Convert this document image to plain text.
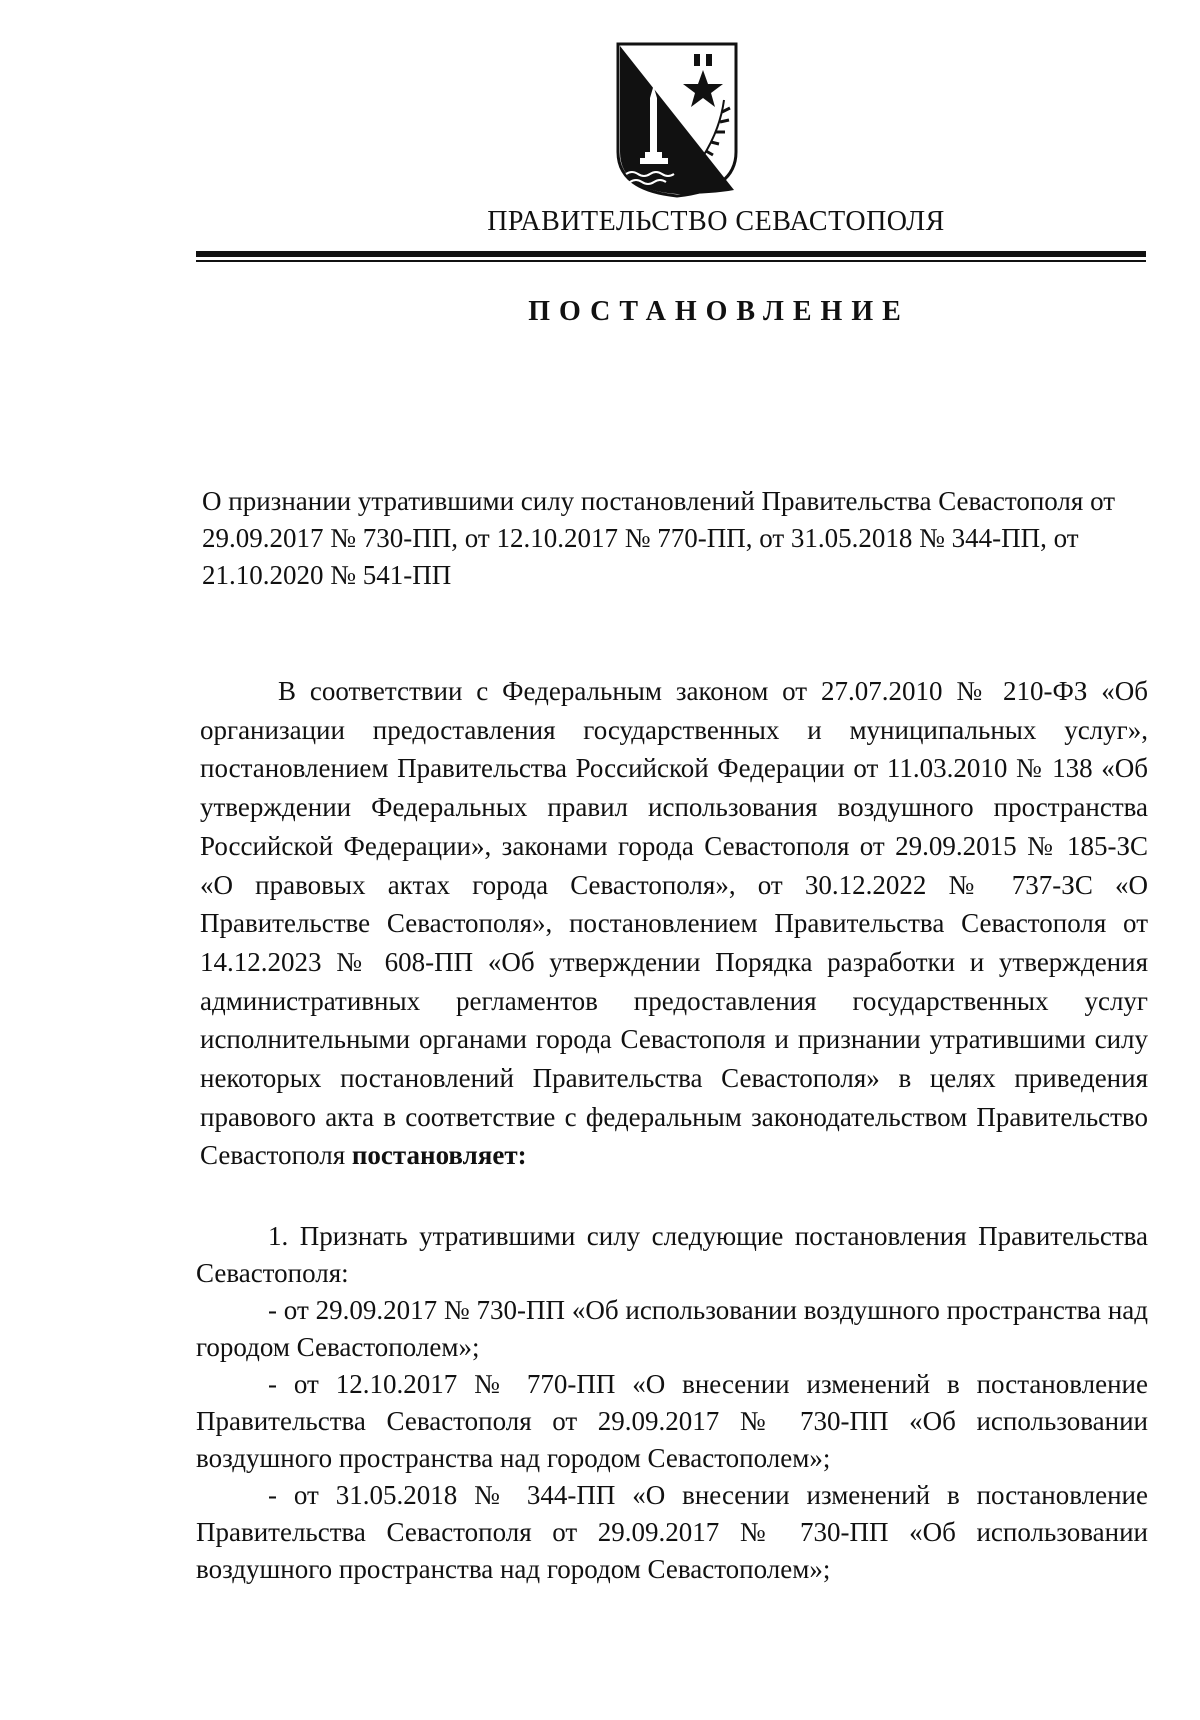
ПРАВИТЕЛЬСТВО СЕВАСТОПОЛЯ
ПОСТАНОВЛЕНИЕ
О признании утратившими силу постановлений Правительства Севастополя от 29.09.2017 № 730-ПП, от 12.10.2017 № 770-ПП, от 31.05.2018 № 344-ПП, от 21.10.2020 № 541-ПП

В соответствии с Федеральным законом от 27.07.2010 № 210-ФЗ «Об организации предоставления государственных и муниципальных услуг», постановлением Правительства Российской Федерации от 11.03.2010 № 138 «Об утверждении Федеральных правил использования воздушного пространства Российской Федерации», законами города Севастополя от 29.09.2015 № 185-ЗС «О правовых актах города Севастополя», от 30.12.2022 № 737-ЗС «О Правительстве Севастополя», постановлением Правительства Севастополя от 14.12.2023 № 608-ПП «Об утверждении Порядка разработки и утверждения административных регламентов предоставления государственных услуг исполнительными органами города Севастополя и признании утратившими силу некоторых постановлений Правительства Севастополя» в целях приведения правового акта в соответствие с федеральным законодательством Правительство Севастополя постановляет:

1. Признать утратившими силу следующие постановления Правительства Севастополя:

- от 29.09.2017 № 730-ПП «Об использовании воздушного пространства над городом Севастополем»;

- от 12.10.2017 № 770-ПП «О внесении изменений в постановление Правительства Севастополя от 29.09.2017 № 730-ПП «Об использовании воздушного пространства над городом Севастополем»;

- от 31.05.2018 № 344-ПП «О внесении изменений в постановление Правительства Севастополя от 29.09.2017 № 730-ПП «Об использовании воздушного пространства над городом Севастополем»;
